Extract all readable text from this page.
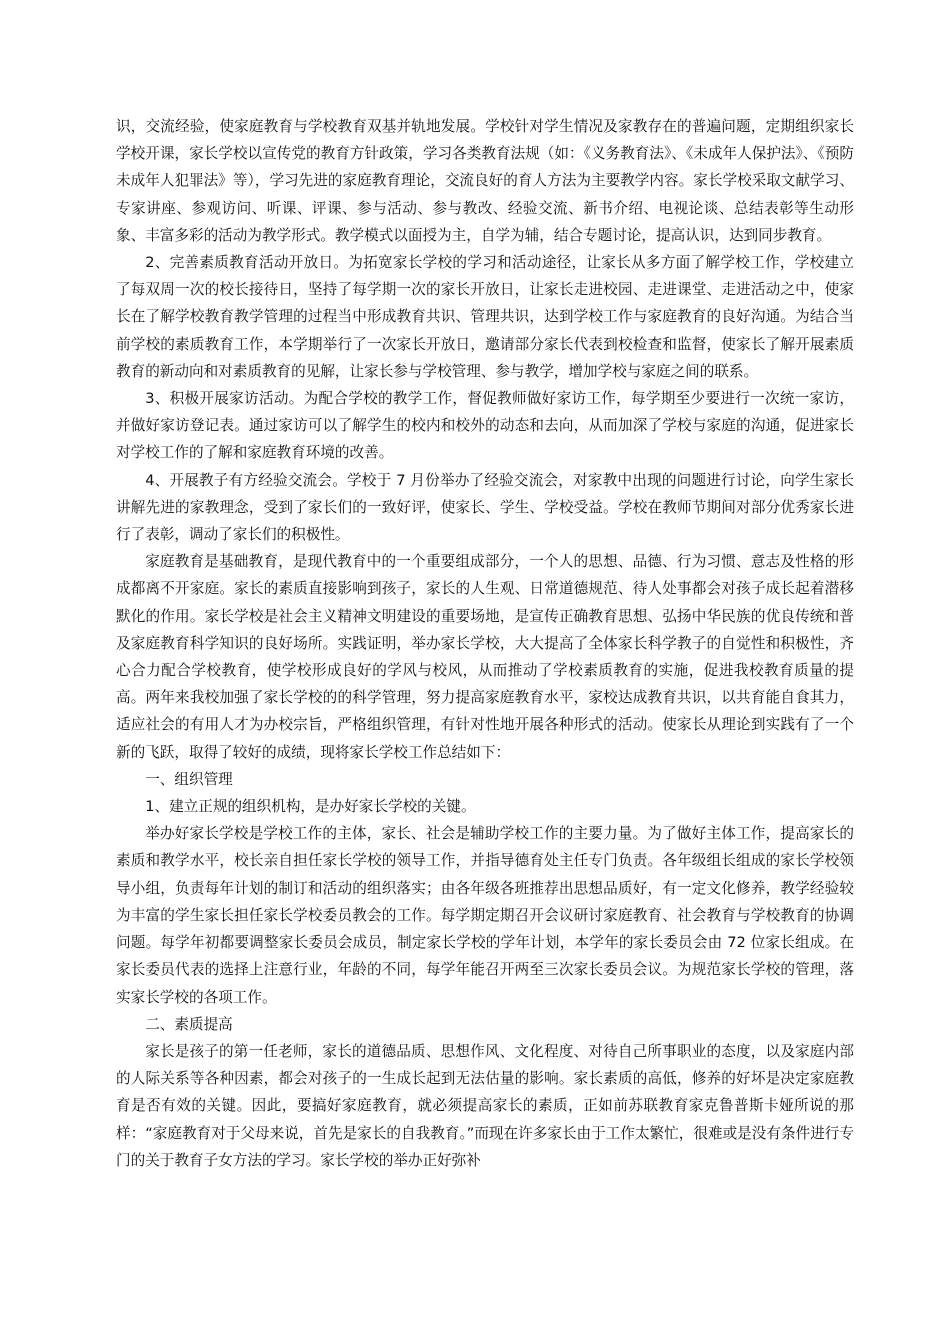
识，交流经验，使家庭教育与学校教育双基并轨地发展。学校针对学生情况及家教存在的普遍问题，定期组织家长学校开课，家长学校以宣传党的教育方针政策，学习各类教育法规（如：《义务教育法》、《未成年人保护法》、《预防未成年人犯罪法》等），学习先进的家庭教育理论，交流良好的育人方法为主要教学内容。家长学校采取文献学习、专家讲座、参观访问、听课、评课、参与活动、参与教改、经验交流、新书介绍、电视论谈、总结表彰等生动形象、丰富多彩的活动为教学形式。教学模式以面授为主，自学为辅，结合专题讨论，提高认识，达到同步教育。

2、完善素质教育活动开放日。为拓宽家长学校的学习和活动途径，让家长从多方面了解学校工作，学校建立了每双周一次的校长接待日，坚持了每学期一次的家长开放日，让家长走进校园、走进课堂、走进活动之中，使家长在了解学校教育教学管理的过程当中形成教育共识、管理共识，达到学校工作与家庭教育的良好沟通。为结合当前学校的素质教育工作，本学期举行了一次家长开放日，邀请部分家长代表到校检查和监督，使家长了解开展素质教育的新动向和对素质教育的见解，让家长参与学校管理、参与教学，增加学校与家庭之间的联系。

3、积极开展家访活动。为配合学校的教学工作，督促教师做好家访工作，每学期至少要进行一次统一家访，并做好家访登记表。通过家访可以了解学生的校内和校外的动态和去向，从而加深了学校与家庭的沟通，促进家长对学校工作的了解和家庭教育环境的改善。

4、开展教子有方经验交流会。学校于 7 月份举办了经验交流会，对家教中出现的问题进行讨论，向学生家长讲解先进的家教理念，受到了家长们的一致好评，使家长、学生、学校受益。学校在教师节期间对部分优秀家长进行了表彰，调动了家长们的积极性。

家庭教育是基础教育，是现代教育中的一个重要组成部分，一个人的思想、品德、行为习惯、意志及性格的形成都离不开家庭。家长的素质直接影响到孩子，家长的人生观、日常道德规范、待人处事都会对孩子成长起着潜移默化的作用。家长学校是社会主义精神文明建设的重要场地，是宣传正确教育思想、弘扬中华民族的优良传统和普及家庭教育科学知识的良好场所。实践证明，举办家长学校，大大提高了全体家长科学教子的自觉性和积极性，齐心合力配合学校教育，使学校形成良好的学风与校风，从而推动了学校素质教育的实施，促进我校教育质量的提高。两年来我校加强了家长学校的的科学管理，努力提高家庭教育水平，家校达成教育共识，以共育能自食其力，适应社会的有用人才为办校宗旨，严格组织管理，有针对性地开展各种形式的活动。使家长从理论到实践有了一个新的飞跃，取得了较好的成绩，现将家长学校工作总结如下：

一、组织管理

1、建立正规的组织机构，是办好家长学校的关键。

举办好家长学校是学校工作的主体，家长、社会是辅助学校工作的主要力量。为了做好主体工作，提高家长的素质和教学水平，校长亲自担任家长学校的领导工作，并指导德育处主任专门负责。各年级组长组成的家长学校领导小组，负责每年计划的制订和活动的组织落实；由各年级各班推荐出思想品质好，有一定文化修养，教学经验较为丰富的学生家长担任家长学校委员教会的工作。每学期定期召开会议研讨家庭教育、社会教育与学校教育的协调问题。每学年初都要调整家长委员会成员，制定家长学校的学年计划，本学年的家长委员会由 72 位家长组成。在家长委员代表的选择上注意行业，年龄的不同，每学年能召开两至三次家长委员会议。为规范家长学校的管理，落实家长学校的各项工作。

二、素质提高

家长是孩子的第一任老师，家长的道德品质、思想作风、文化程度、对待自己所事职业的态度，以及家庭内部的人际关系等各种因素，都会对孩子的一生成长起到无法估量的影响。家长素质的高低，修养的好坏是决定家庭教育是否有效的关键。因此，要搞好家庭教育，就必须提高家长的素质，正如前苏联教育家克鲁普斯卡娅所说的那样：“家庭教育对于父母来说，首先是家长的自我教育。”而现在许多家长由于工作太繁忙，很难或是没有条件进行专门的关于教育子女方法的学习。家长学校的举办正好弥补
